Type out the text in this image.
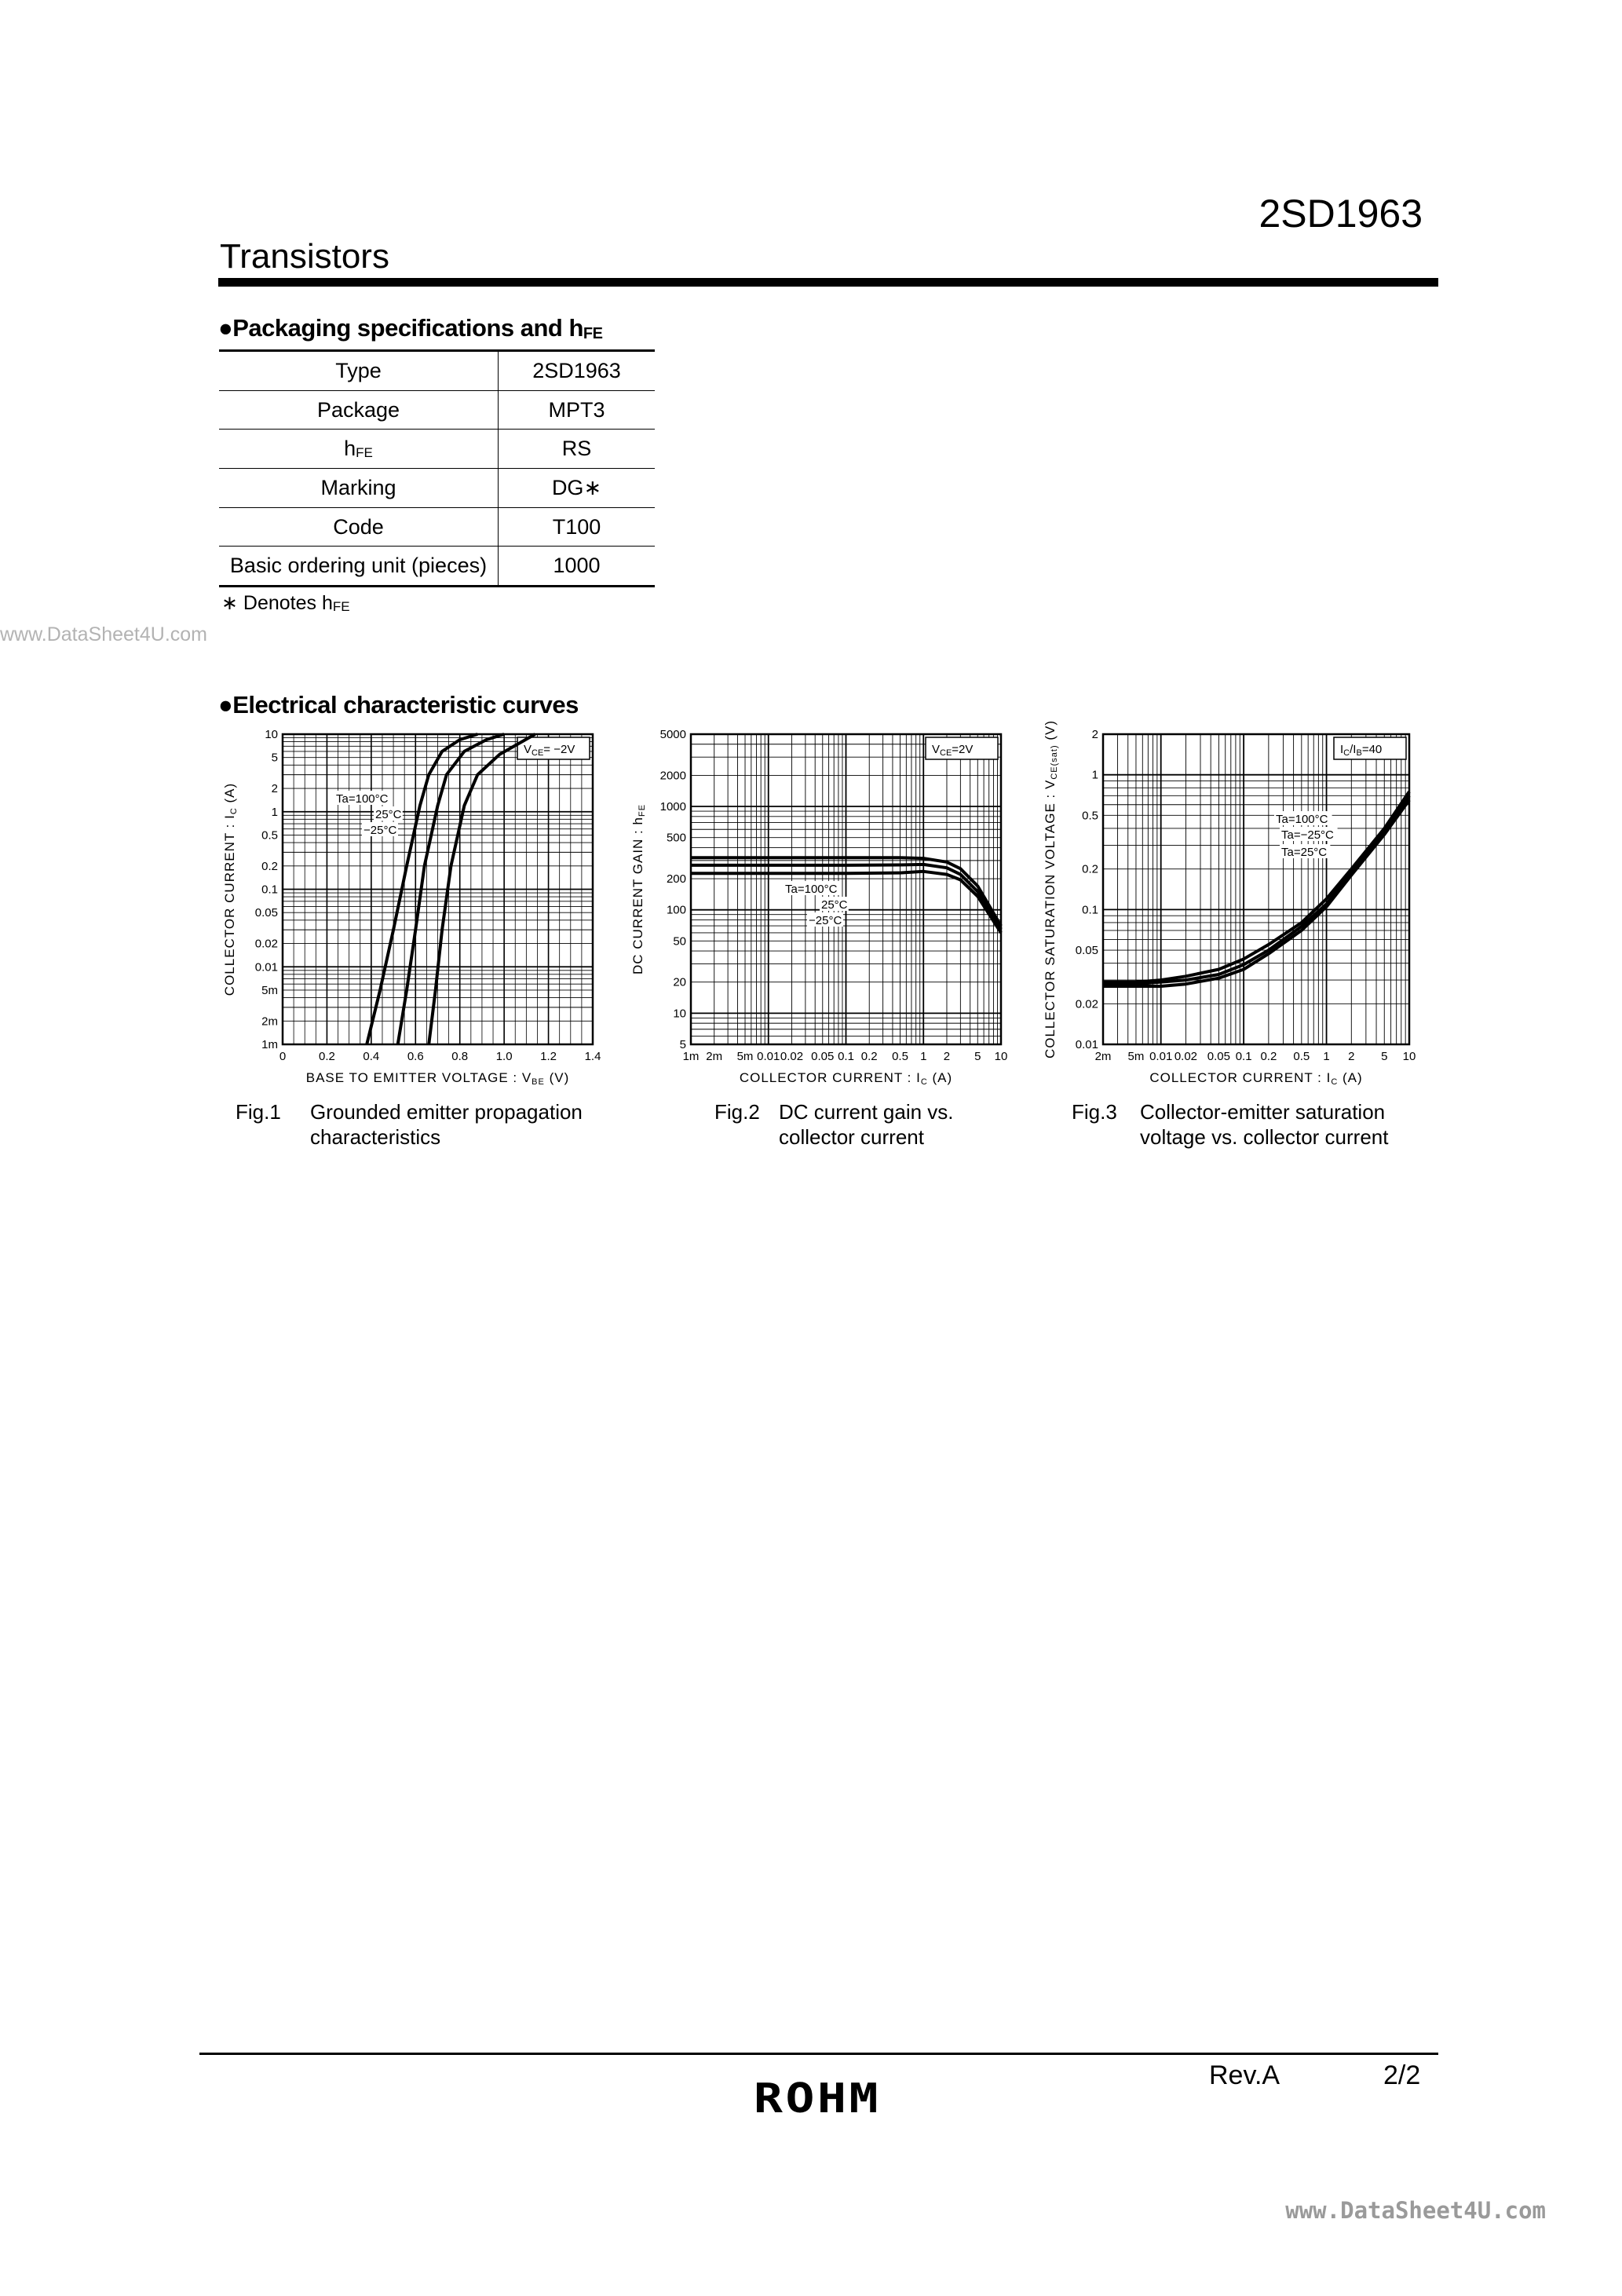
2SD1963
Transistors
www.DataSheet4U.com
●Packaging specifications and $h_{FE}$
Type	2SD1963
Package	MPT3
$h_{FE}$	RS
Marking	DG∗
Code	T100
Basic ordering unit (pieces)	1000
∗ Denotes $h_{FE}$
●Electrical characteristic curves
10
5
2
1
0.5
0.2
0.1
0.05
0.02
0.01
5m
2m
1m
0	0.2 0.4 0.6 0.8 1.0 1.2 1.4
BASE TO EMITTER VOLTAGE : VBE (V)
COLLECTOR CURRENT : IC (A)
$V_{CE}= -2V$
Ta=100°C
25°C
−25°C
Fig.1 Grounded emitter propagation
characteristics
5000
2000
1000
500
200
100
50
20
10
5
1m 2m 5m 0.01 0.02 0.05 0.1 0.2 0.5 1 2 5 10
COLLECTOR CURRENT : IC (A)
DC CURRENT GAIN : hFE
$V_{CE}=2V$
Ta=100°C
25°C
−25°C
Fig.2 DC current gain vs.
collector current
2
1
0.5
0.2
0.1
0.05
0.02
0.01
2m 5m 0.01 0.02 0.05 0.1 0.2 0.5 1 2 5 10
COLLECTOR CURRENT : IC (A)
COLLECTOR SATURATION VOLTAGE : VCE(sat) (V)
$I_C/I_B=40$
Ta=100°C
Ta=−25°C
Ta=25°C
Fig.3 Collector-emitter saturation
voltage vs. collector current
Rev.A	2/2
ROHM
www.DataSheet4U.com
